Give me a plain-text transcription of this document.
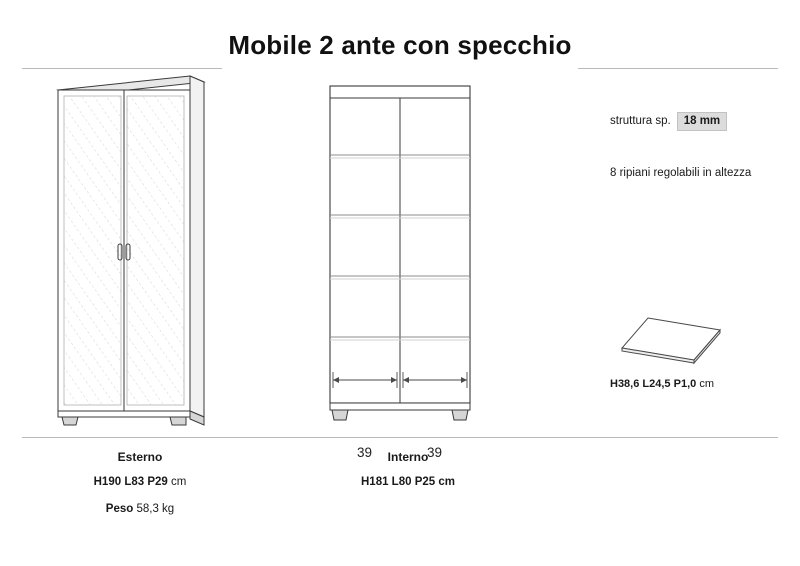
Mobile 2 ante con specchio
39	39
struttura sp.	18 mm
8 ripiani regolabili in altezza
H38,6 L24,5 P1,0 cm
Esterno
H190 L83 P29 cm
Peso 58,3 kg
Interno
H181 L80 P25 cm
